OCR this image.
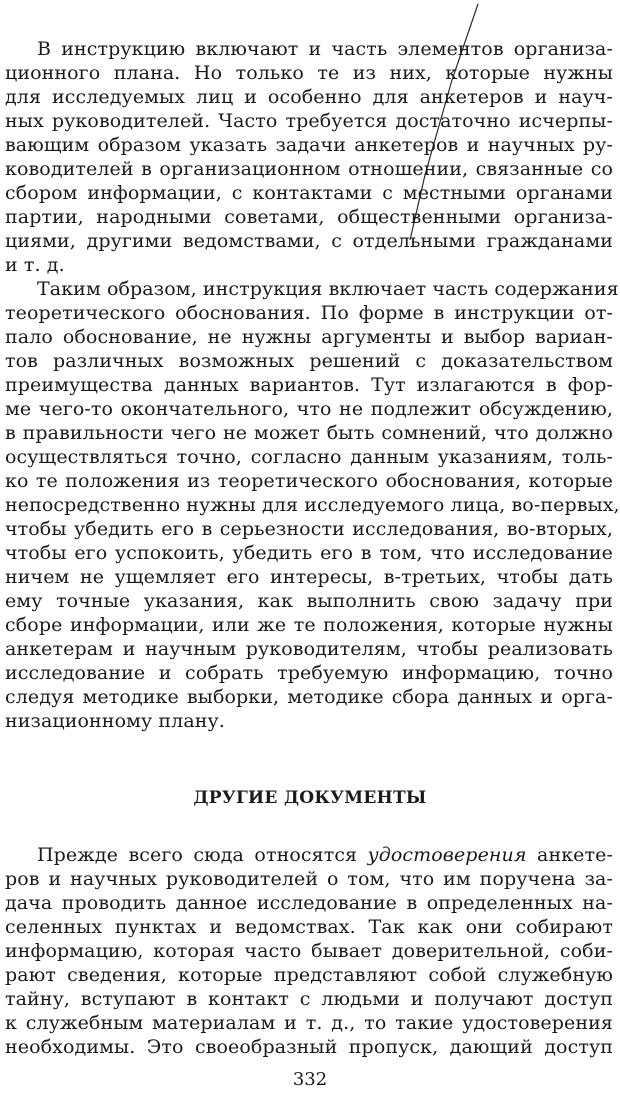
В инструкцию включают и часть элементов организа-
ционного плана. Но только те из них, которые нужны
для исследуемых лиц и особенно для анкетеров и науч-
ных руководителей. Часто требуется достаточно исчерпы-
вающим образом указать задачи анкетеров и научных ру-
ководителей в организационном отношении, связанные со
сбором информации, с контактами с местными органами
партии, народными советами, общественными организа-
циями, другими ведомствами, с отдельными гражданами
и т. д.
Таким образом, инструкция включает часть содержания
теоретического обоснования. По форме в инструкции от-
пало обоснование, не нужны аргументы и выбор вариан-
тов различных возможных решений с доказательством
преимущества данных вариантов. Тут излагаются в фор-
ме чего-то окончательного, что не подлежит обсуждению,
в правильности чего не может быть сомнений, что должно
осуществляться точно, согласно данным указаниям, толь-
ко те положения из теоретического обоснования, которые
непосредственно нужны для исследуемого лица, во-первых,
чтобы убедить его в серьезности исследования, во-вторых,
чтобы его успокоить, убедить его в том, что исследование
ничем не ущемляет его интересы, в-третьих, чтобы дать
ему точные указания, как выполнить свою задачу при
сборе информации, или же те положения, которые нужны
анкетерам и научным руководителям, чтобы реализовать
исследование и собрать требуемую информацию, точно
следуя методике выборки, методике сбора данных и орга-
низационному плану.
ДРУГИЕ ДОКУМЕНТЫ
Прежде всего сюда относятся удостоверения анкете-
ров и научных руководителей о том, что им поручена за-
дача проводить данное исследование в определенных на-
селенных пунктах и ведомствах. Так как они собирают
информацию, которая часто бывает доверительной, соби-
рают сведения, которые представляют собой служебную
тайну, вступают в контакт с людьми и получают доступ
к служебным материалам и т. д., то такие удостоверения
необходимы. Это своеобразный пропуск, дающий доступ
332
